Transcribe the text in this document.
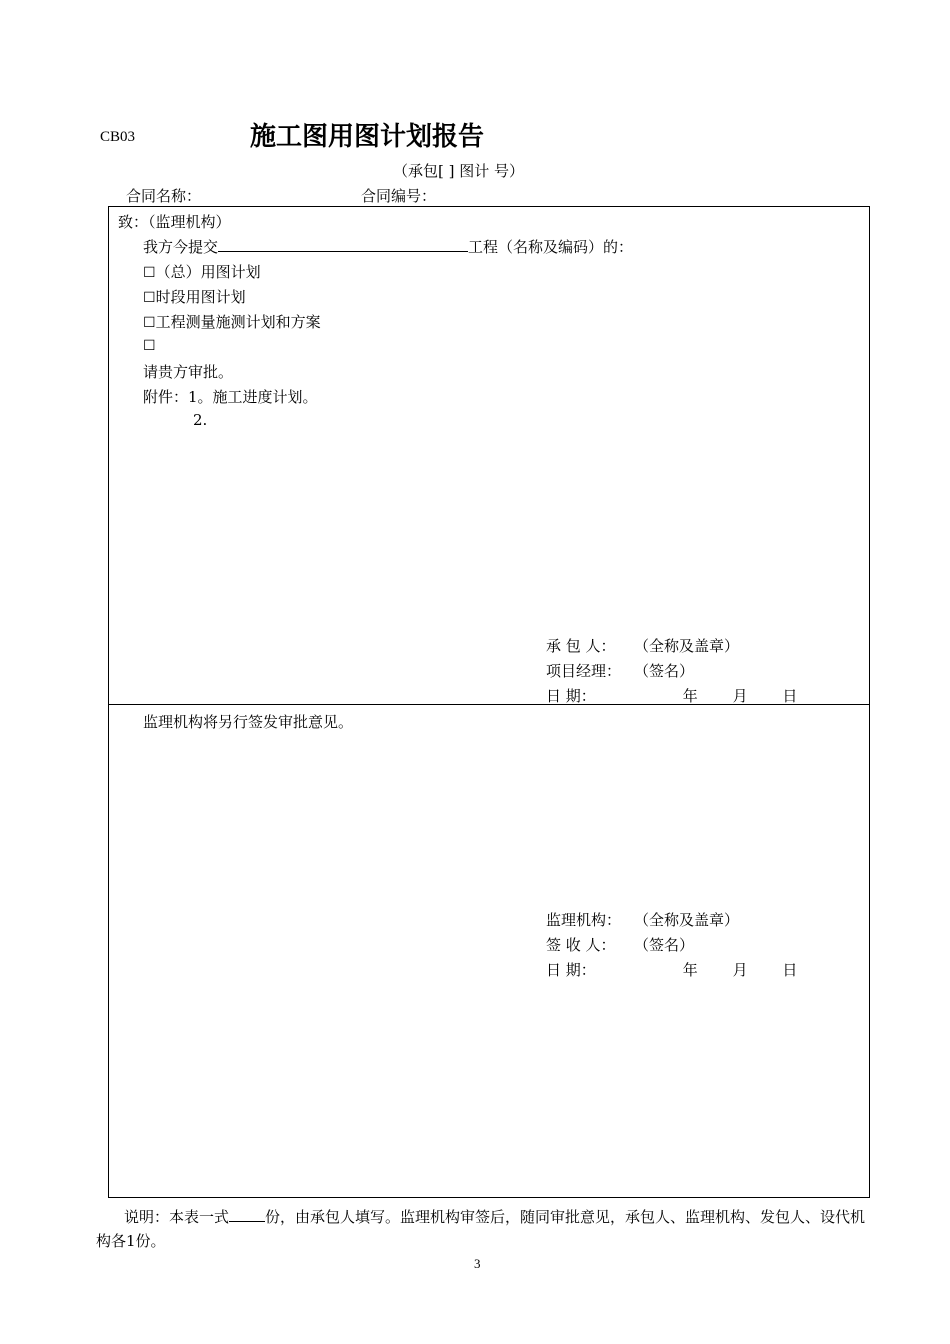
CB03	施工图用图计划报告
（承包[ ] 图计 号）
合同名称：	合同编号：
致：（监理机构）
我方今提交	工程（名称及编码）的：
☐（总）用图计划
☐时段用图计划
☐工程测量施测计划和方案
☐
请贵方审批。
附件：1。施工进度计划。
2.
承 包 人： （全称及盖章）
项目经理： （签名）
日 期：	年 月 日
监理机构将另行签发审批意见。
监理机构： （全称及盖章）
签 收 人： （签名）
日 期：	年 月 日
说明：本表一式 份，由承包人填写。监理机构审签后，随同审批意见，承包人、监理机构、发包人、设代机构各1份。
3
